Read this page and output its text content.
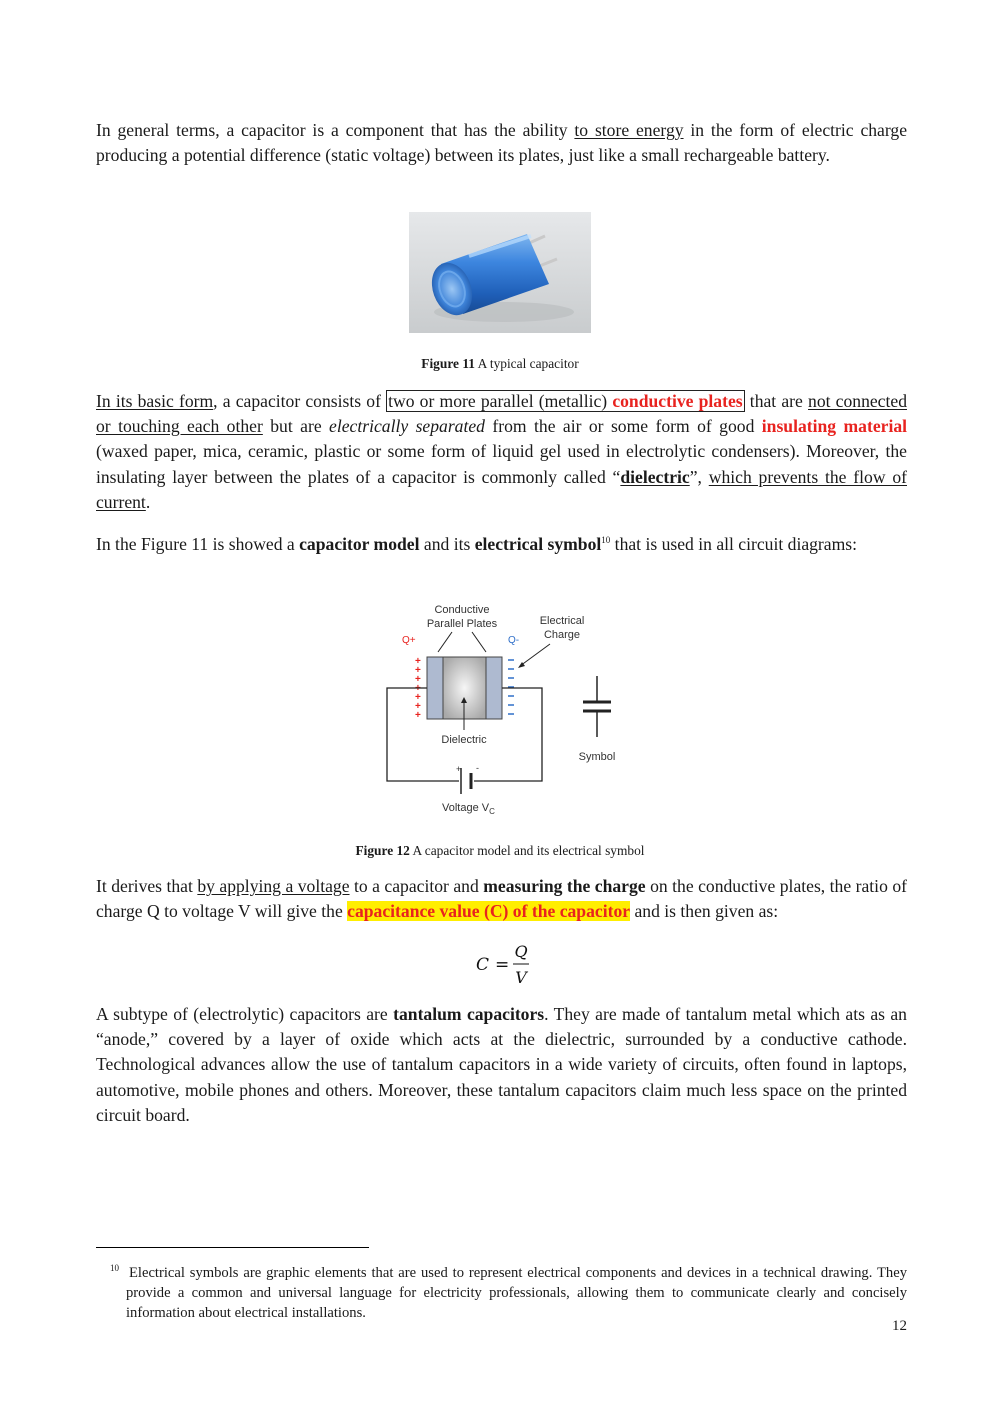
In general terms, a capacitor is a component that has the ability to store energy in the form of electric charge producing a potential difference (static voltage) between its plates, just like a small rechargeable battery.

Figure 11 A typical capacitor

In its basic form, a capacitor consists of two or more parallel (metallic) conductive plates that are not connected or touching each other but are electrically separated from the air or some form of good insulating material (waxed paper, mica, ceramic, plastic or some form of liquid gel used in electrolytic condensers). Moreover, the insulating layer between the plates of a capacitor is commonly called “dielectric”, which prevents the flow of current.

In the Figure 11 is showed a capacitor model and its electrical symbol$^{10}$ that is used in all circuit diagrams:

Conductive
Parallel Plates	Electrical
Charge
Q+	Q-
+
+
+
+
+
+
+
Dielectric
+ -
Voltage $V_C$
Symbol
Figure 12 A capacitor model and its electrical symbol

It derives that by applying a voltage to a capacitor and measuring the charge on the conductive plates, the ratio of charge Q to voltage V will give the capacitance value (C) of the capacitor and is then given as:

C =
Q
V

A subtype of (electrolytic) capacitors are tantalum capacitors. They are made of tantalum metal which ats as an “anode,” covered by a layer of oxide which acts at the dielectric, surrounded by a conductive cathode. Technological advances allow the use of tantalum capacitors in a wide variety of circuits, often found in laptops, automotive, mobile phones and others. Moreover, these tantalum capacitors claim much less space on the printed circuit board.

$^{10}$ Electrical symbols are graphic elements that are used to represent electrical components and devices in a technical drawing. They provide a common and universal language for electricity professionals, allowing them to communicate clearly and concisely information about electrical installations.
12
